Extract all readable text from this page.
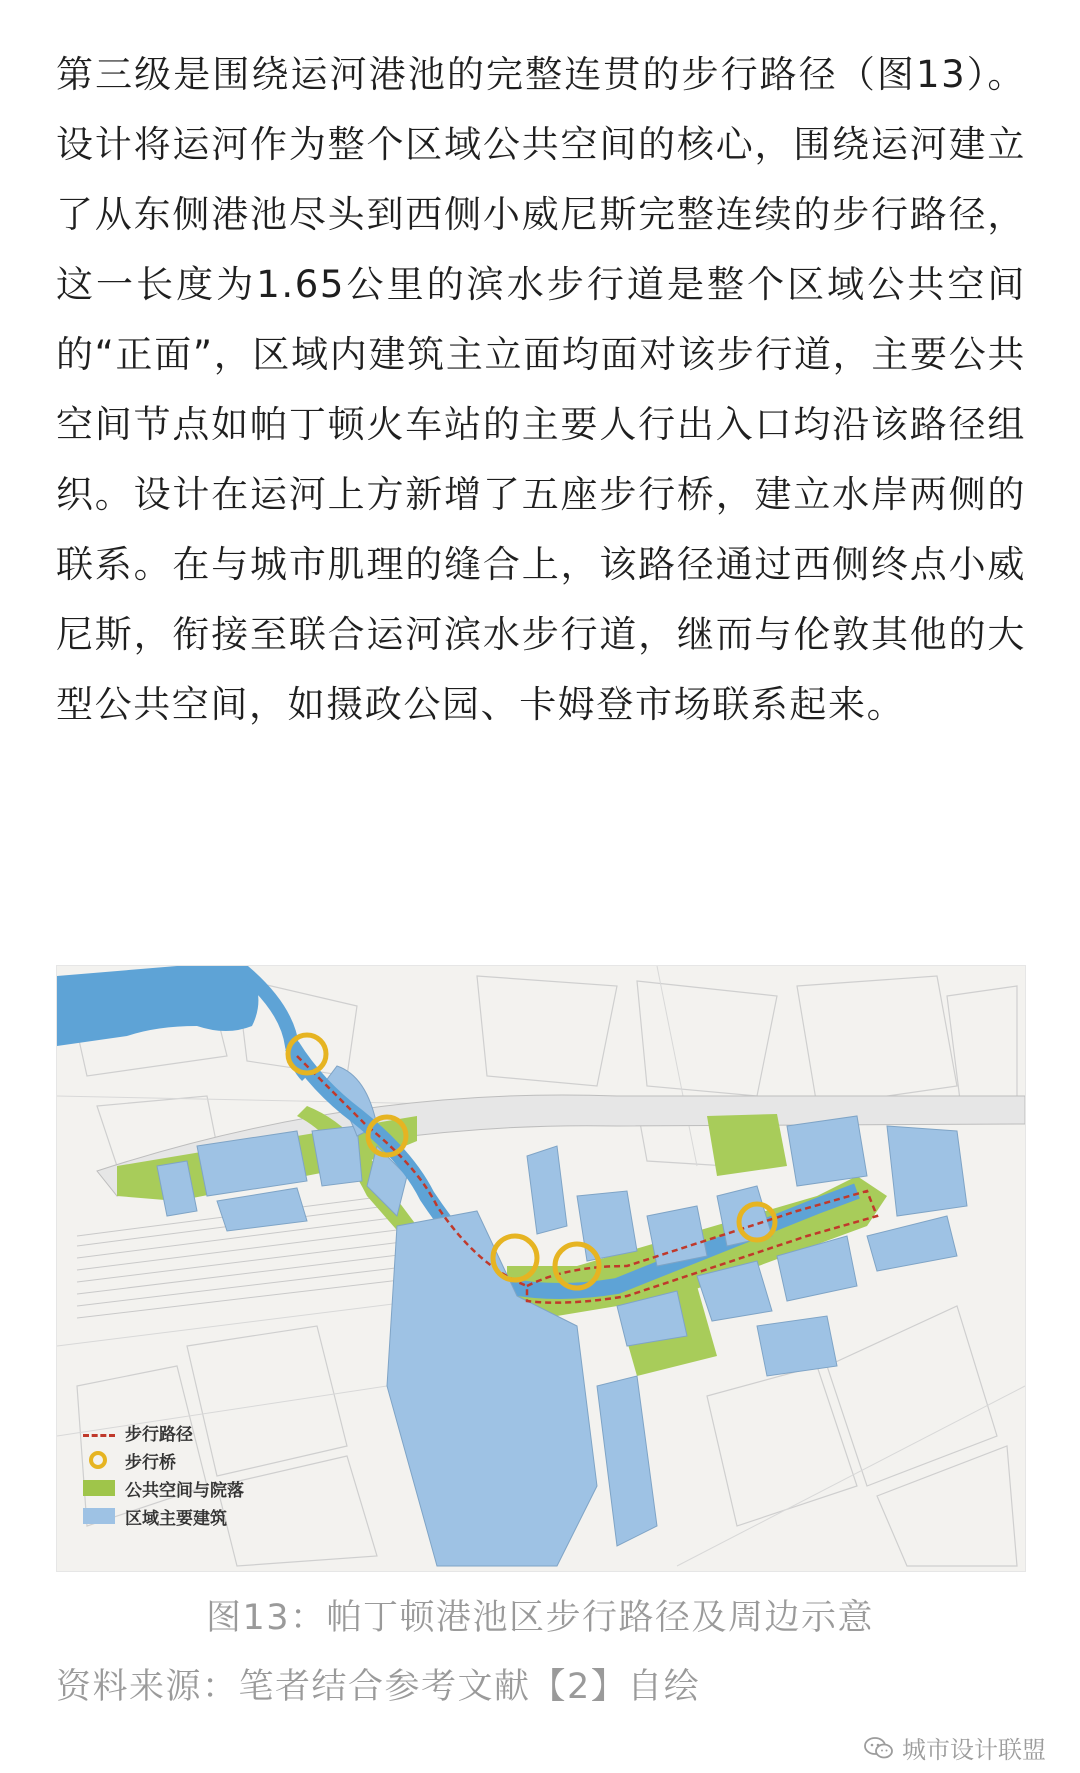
第三级是围绕运河港池的完整连贯的步行路径（图13）。设计将运河作为整个区域公共空间的核心，围绕运河建立了从东侧港池尽头到西侧小威尼斯完整连续的步行路径，这一长度为1.65公里的滨水步行道是整个区域公共空间的“正面”，区域内建筑主立面均面对该步行道，主要公共空间节点如帕丁顿火车站的主要人行出入口均沿该路径组织。设计在运河上方新增了五座步行桥，建立水岸两侧的联系。在与城市肌理的缝合上，该路径通过西侧终点小威尼斯，衔接至联合运河滨水步行道，继而与伦敦其他的大型公共空间，如摄政公园、卡姆登市场联系起来。

步行路径
步行桥
公共空间与院落
区域主要建筑
图13：帕丁顿港池区步行路径及周边示意
资料来源：笔者结合参考文献【2】自绘
城市设计联盟
